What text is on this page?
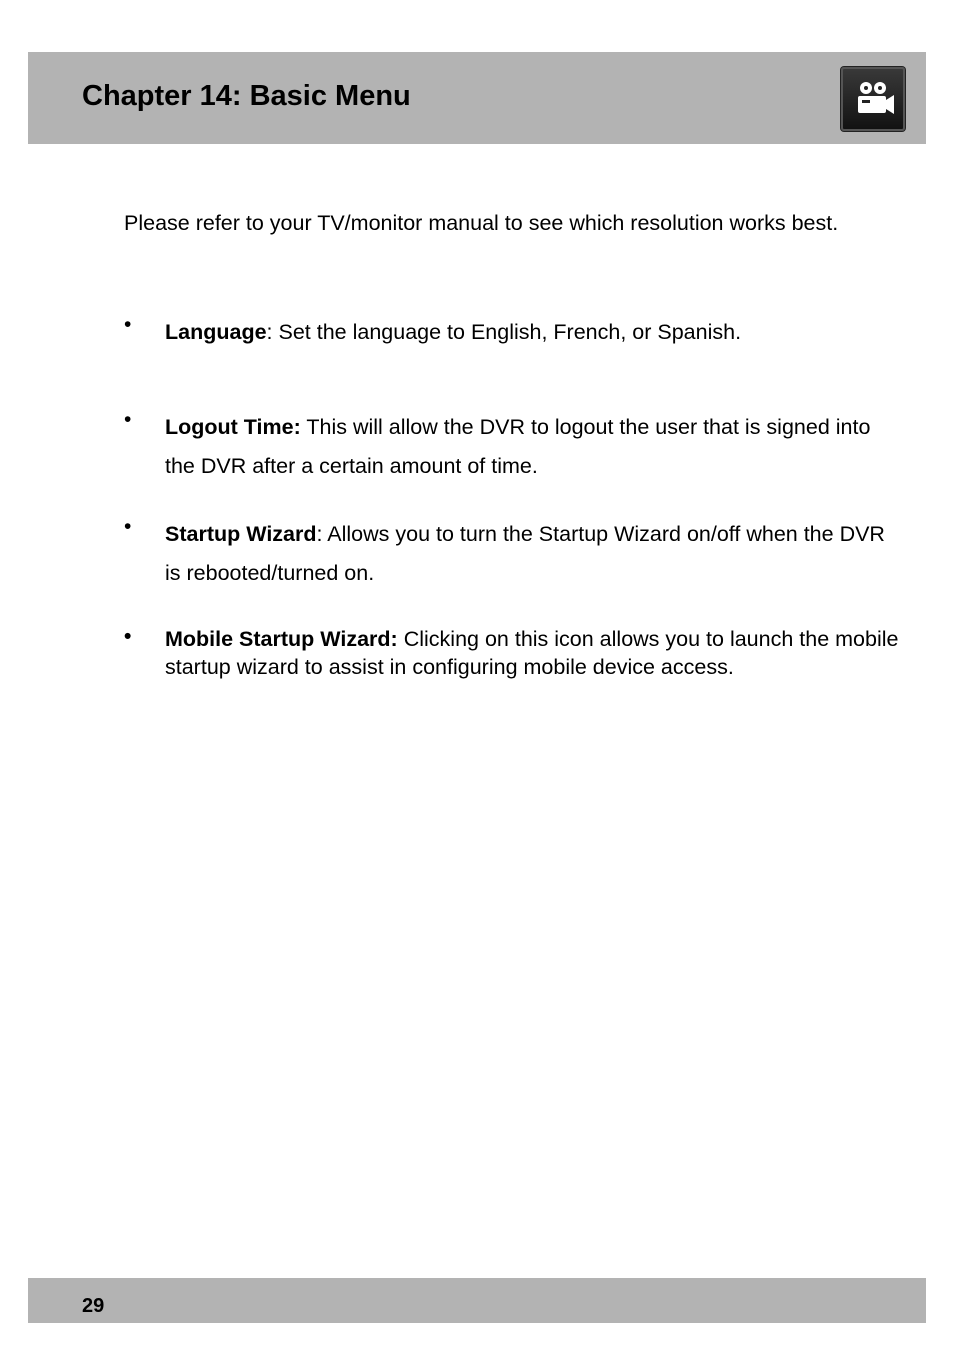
Chapter 14: Basic Menu

Please refer to your TV/monitor manual to see which resolution works best.

• Language: Set the language to English, French, or Spanish.

• Logout Time: This will allow the DVR to logout the user that is signed into the DVR after a certain amount of time.

• Startup Wizard: Allows you to turn the Startup Wizard on/off when the DVR is rebooted/turned on.

• Mobile Startup Wizard: Clicking on this icon allows you to launch the mobile startup wizard to assist in configuring mobile device access.

29
